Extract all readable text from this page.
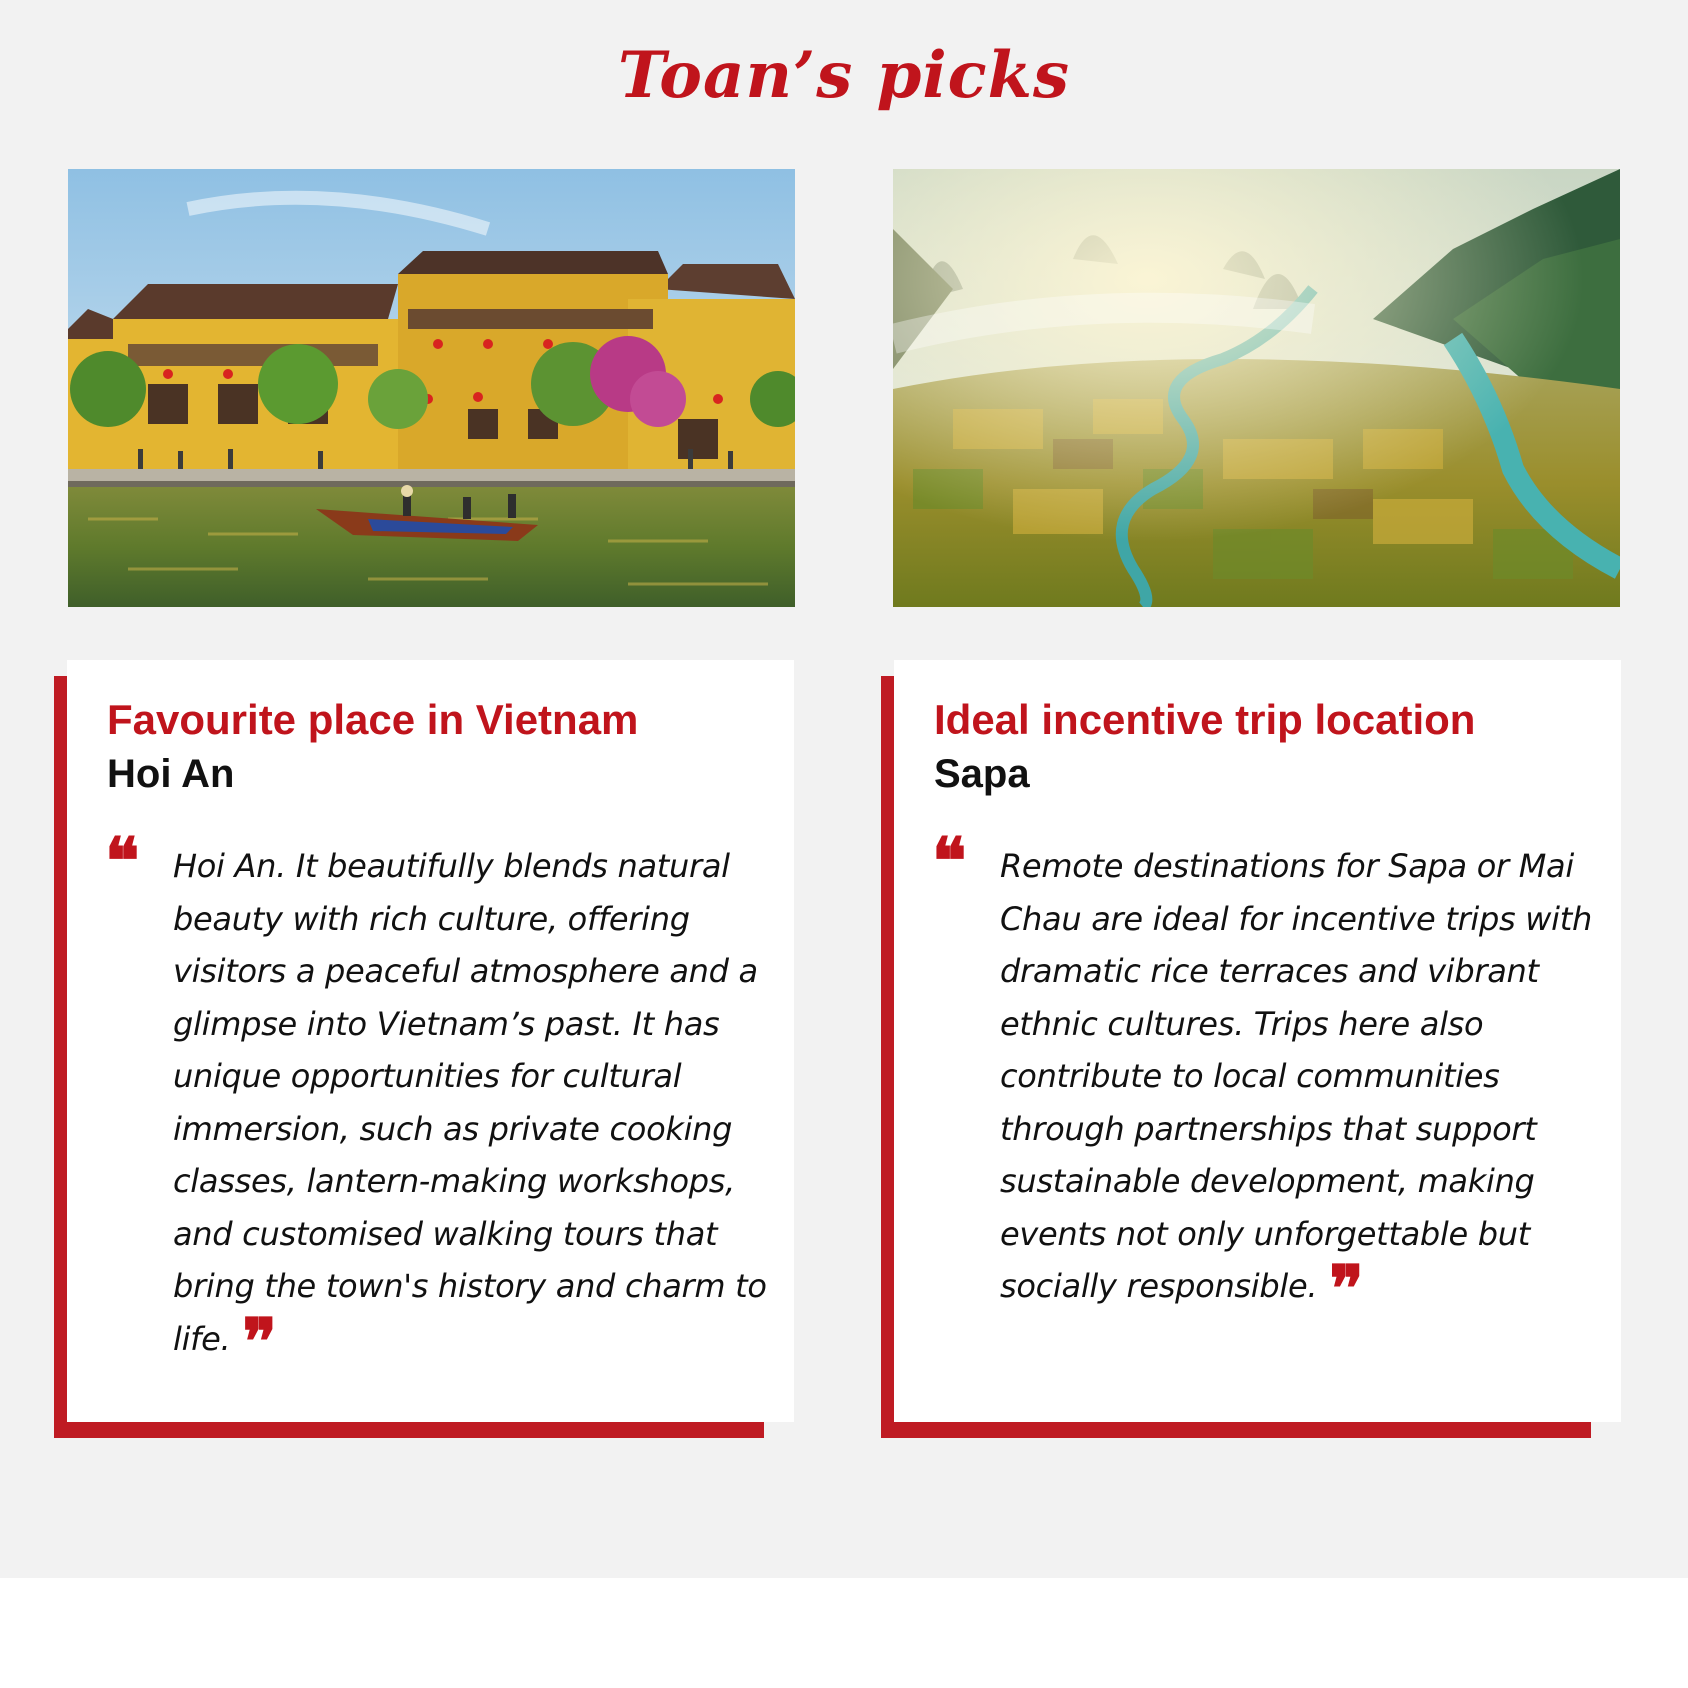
Toan’s picks
Favourite place in Vietnam
Hoi An
❝ Hoi An. It beautifully blends natural beauty with rich culture, offering visitors a peaceful atmosphere and a glimpse into Vietnam’s past. It has unique opportunities for cultural immersion, such as private cooking classes, lantern-making workshops, and customised walking tours that bring the town's history and charm to life. ❞

Ideal incentive trip location
Sapa
❝ Remote destinations for Sapa or Mai Chau are ideal for incentive trips with dramatic rice terraces and vibrant ethnic cultures. Trips here also contribute to local communities through partnerships that support sustainable development, making events not only unforgettable but socially responsible. ❞
